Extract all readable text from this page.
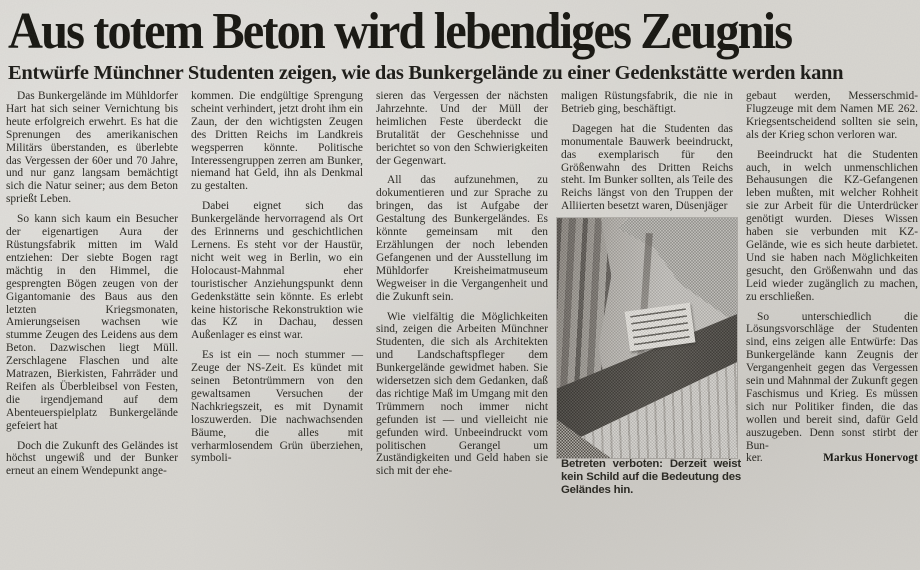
Aus totem Beton wird lebendiges Zeugnis
Entwürfe Münchner Studenten zeigen, wie das Bunkergelände zu einer Gedenkstätte werden kann

Das Bunkergelände im Mühldorfer Hart hat sich seiner Vernichtung bis heute erfolgreich erwehrt. Es hat die Sprenungen des amerikanischen Militärs überstanden, es überlebte das Vergessen der 60er und 70 Jahre, und nur ganz langsam bemächtigt sich die Natur seiner; aus dem Beton sprießt Leben.

So kann sich kaum ein Besucher der eigenartigen Aura der Rüstungsfabrik mitten im Wald entziehen: Der siebte Bogen ragt mächtig in den Himmel, die gesprengten Bögen zeugen von der Gigantomanie des Baus aus den letzten Kriegsmonaten, Amierungseisen wachsen wie stumme Zeugen des Leidens aus dem Beton. Dazwischen liegt Müll. Zerschlagene Flaschen und alte Matrazen, Bierkisten, Fahrräder und Reifen als Überbleibsel von Festen, die irgendjemand auf dem Abenteuerspielplatz Bunkergelände gefeiert hat

Doch die Zukunft des Geländes ist höchst ungewiß und der Bunker erneut an einem Wendepunkt ange-

kommen. Die endgültige Sprengung scheint verhindert, jetzt droht ihm ein Zaun, der den wichtigsten Zeugen des Dritten Reichs im Landkreis wegsperren könnte. Politische Interessengruppen zerren am Bunker, niemand hat Geld, ihn als Denkmal zu gestalten.

Dabei eignet sich das Bunkergelände hervorragend als Ort des Erinnerns und geschichtlichen Lernens. Es steht vor der Haustür, nicht weit weg in Berlin, wo ein Holocaust-Mahnmal eher touristischer Anziehungspunkt denn Gedenkstätte sein könnte. Es erlebt keine historische Rekonstruktion wie das KZ in Dachau, dessen Außenlager es einst war.

Es ist ein — noch stummer — Zeuge der NS-Zeit. Es kündet mit seinen Betontrümmern von den gewaltsamen Versuchen der Nachkriegszeit, es mit Dynamit loszuwerden. Die nachwachsenden Bäume, die alles mit verharmlosendem Grün überziehen, symboli-

sieren das Vergessen der nächsten Jahrzehnte. Und der Müll der heimlichen Feste überdeckt die Brutalität der Geschehnisse und berichtet so von den Schwierigkeiten der Gegenwart.

All das aufzunehmen, zu dokumentieren und zur Sprache zu bringen, das ist Aufgabe der Gestaltung des Bunkergeländes. Es könnte gemeinsam mit den Erzählungen der noch lebenden Gefangenen und der Ausstellung im Mühldorfer Kreisheimatmuseum Wegweiser in die Vergangenheit und die Zukunft sein.

Wie vielfältig die Möglichkeiten sind, zeigen die Arbeiten Münchner Studenten, die sich als Architekten und Landschaftspfleger dem Bunkergelände gewidmet haben. Sie widersetzen sich dem Gedanken, daß das richtige Maß im Umgang mit den Trümmern noch immer nicht gefunden ist — und vielleicht nie gefunden wird. Unbeeindruckt vom politischen Gerangel um Zuständigkeiten und Geld haben sie sich mit der ehe-

maligen Rüstungsfabrik, die nie in Betrieb ging, beschäftigt.

Dagegen hat die Studenten das monumentale Bauwerk beeindruckt, das exemplarisch für den Größenwahn des Dritten Reichs steht. Im Bunker sollten, als Teile des Reichs längst von den Truppen der Alliierten besetzt waren, Düsenjäger

Betreten verboten: Derzeit weist kein Schild auf die Bedeutung des Geländes hin.

gebaut werden, Messerschmid-Flugzeuge mit dem Namen ME 262. Kriegsentscheidend sollten sie sein, als der Krieg schon verloren war.

Beeindruckt hat die Studenten auch, in welch unmenschlichen Behausungen die KZ-Gefangenen leben mußten, mit welcher Rohheit sie zur Arbeit für die Unterdrücker genötigt wurden. Dieses Wissen haben sie verbunden mit KZ-Gelände, wie es sich heute darbietet. Und sie haben nach Möglichkeiten gesucht, den Größenwahn und das Leid wieder zugänglich zu machen, zu erschließen.

So unterschiedlich die Lösungsvorschläge der Studenten sind, eins zeigen alle Entwürfe: Das Bunkergelände kann Zeugnis der Vergangenheit gegen das Vergessen sein und Mahnmal der Zukunft gegen Faschismus und Krieg. Es müssen sich nur Politiker finden, die das wollen und bereit sind, dafür Geld auszugeben. Denn sonst stirbt der Bun-

ker.	Markus Honervogt
